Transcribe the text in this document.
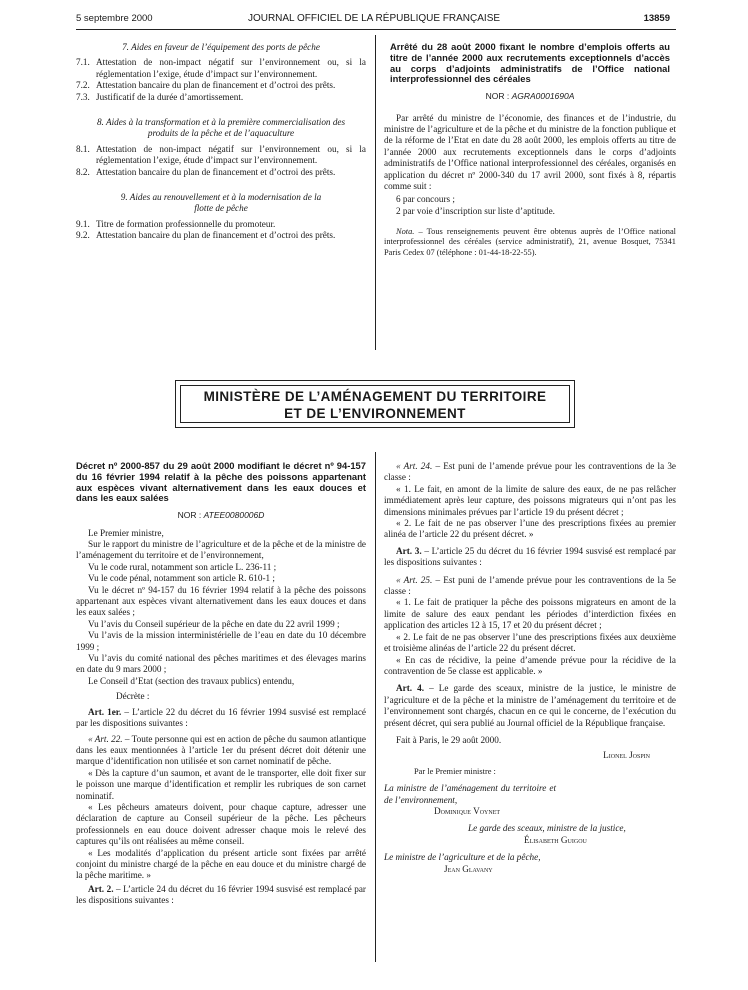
5 septembre 2000	JOURNAL OFFICIEL DE LA RÉPUBLIQUE FRANÇAISE	13859

7. Aides en faveur de l’équipement des ports de pêche

7.1. Attestation de non-impact négatif sur l’environnement ou, si la réglementation l’exige, étude d’impact sur l’environnement.
7.2. Attestation bancaire du plan de financement et d’octroi des prêts.
7.3. Justificatif de la durée d’amortissement.

8. Aides à la transformation et à la première commercialisation des produits de la pêche et de l’aquaculture

8.1. Attestation de non-impact négatif sur l’environnement ou, si la réglementation l’exige, étude d’impact sur l’environnement.
8.2. Attestation bancaire du plan de financement et d’octroi des prêts.

9. Aides au renouvellement et à la modernisation de la flotte de pêche

9.1. Titre de formation professionnelle du promoteur.
9.2. Attestation bancaire du plan de financement et d’octroi des prêts.

Arrêté du 28 août 2000 fixant le nombre d’emplois offerts au titre de l’année 2000 aux recrutements exceptionnels d’accès au corps d’adjoints administratifs de l’Office national interprofessionnel des céréales

NOR : AGRA0001690A

Par arrêté du ministre de l’économie, des finances et de l’industrie, du ministre de l’agriculture et de la pêche et du ministre de la fonction publique et de la réforme de l’Etat en date du 28 août 2000, les emplois offerts au titre de l’année 2000 aux recrutements exceptionnels dans le corps d’adjoints administratifs de l’Office national interprofessionnel des céréales, organisés en application du décret nº 2000-340 du 17 avril 2000, sont fixés à 8, répartis comme suit :

6 par concours ;

2 par voie d’inscription sur liste d’aptitude.

Nota. – Tous renseignements peuvent être obtenus auprès de l’Office national interprofessionnel des céréales (service administratif), 21, avenue Bosquet, 75341 Paris Cedex 07 (téléphone : 01-44-18-22-55).

MINISTÈRE DE L’AMÉNAGEMENT DU TERRITOIRE
ET DE L’ENVIRONNEMENT

Décret nº 2000-857 du 29 août 2000 modifiant le décret nº 94-157 du 16 février 1994 relatif à la pêche des poissons appartenant aux espèces vivant alternativement dans les eaux douces et dans les eaux salées

NOR : ATEE0080006D

Le Premier ministre,

Sur le rapport du ministre de l’agriculture et de la pêche et de la ministre de l’aménagement du territoire et de l’environnement,

Vu le code rural, notamment son article L. 236-11 ;

Vu le code pénal, notamment son article R. 610-1 ;

Vu le décret nº 94-157 du 16 février 1994 relatif à la pêche des poissons appartenant aux espèces vivant alternativement dans les eaux douces et dans les eaux salées ;

Vu l’avis du Conseil supérieur de la pêche en date du 22 avril 1999 ;

Vu l’avis de la mission interministérielle de l’eau en date du 10 décembre 1999 ;

Vu l’avis du comité national des pêches maritimes et des élevages marins en date du 9 mars 2000 ;

Le Conseil d’Etat (section des travaux publics) entendu,

Décrète :

Art. 1er. – L’article 22 du décret du 16 février 1994 susvisé est remplacé par les dispositions suivantes :

« Art. 22. – Toute personne qui est en action de pêche du saumon atlantique dans les eaux mentionnées à l’article 1er du présent décret doit détenir une marque d’identification non utilisée et son carnet nominatif de pêche.

« Dès la capture d’un saumon, et avant de le transporter, elle doit fixer sur le poisson une marque d’identification et remplir les rubriques de son carnet nominatif.

« Les pêcheurs amateurs doivent, pour chaque capture, adresser une déclaration de capture au Conseil supérieur de la pêche. Les pêcheurs professionnels en eau douce doivent adresser chaque mois le relevé des captures qu’ils ont réalisées au même conseil.

« Les modalités d’application du présent article sont fixées par arrêté conjoint du ministre chargé de la pêche en eau douce et du ministre chargé de la pêche maritime. »

Art. 2. – L’article 24 du décret du 16 février 1994 susvisé est remplacé par les dispositions suivantes :

« Art. 24. – Est puni de l’amende prévue pour les contraventions de la 3e classe :

« 1. Le fait, en amont de la limite de salure des eaux, de ne pas relâcher immédiatement après leur capture, des poissons migrateurs qui n’ont pas les dimensions minimales prévues par l’article 19 du présent décret ;

« 2. Le fait de ne pas observer l’une des prescriptions fixées au premier alinéa de l’article 22 du présent décret. »

Art. 3. – L’article 25 du décret du 16 février 1994 susvisé est remplacé par les dispositions suivantes :

« Art. 25. – Est puni de l’amende prévue pour les contraventions de la 5e classe :

« 1. Le fait de pratiquer la pêche des poissons migrateurs en amont de la limite de salure des eaux pendant les périodes d’interdiction fixées en application des articles 12 à 15, 17 et 20 du présent décret ;

« 2. Le fait de ne pas observer l’une des prescriptions fixées aux deuxième et troisième alinéas de l’article 22 du présent décret.

« En cas de récidive, la peine d’amende prévue pour la récidive de la contravention de 5e classe est applicable. »

Art. 4. – Le garde des sceaux, ministre de la justice, le ministre de l’agriculture et de la pêche et la ministre de l’aménagement du territoire et de l’environnement sont chargés, chacun en ce qui le concerne, de l’exécution du présent décret, qui sera publié au Journal officiel de la République française.

Fait à Paris, le 29 août 2000.

Lionel Jospin

Par le Premier ministre :

La ministre de l’aménagement du territoire et de l’environnement,

Dominique Voynet

Le garde des sceaux, ministre de la justice,

Élisabeth Guigou

Le ministre de l’agriculture et de la pêche,

Jean Glavany
